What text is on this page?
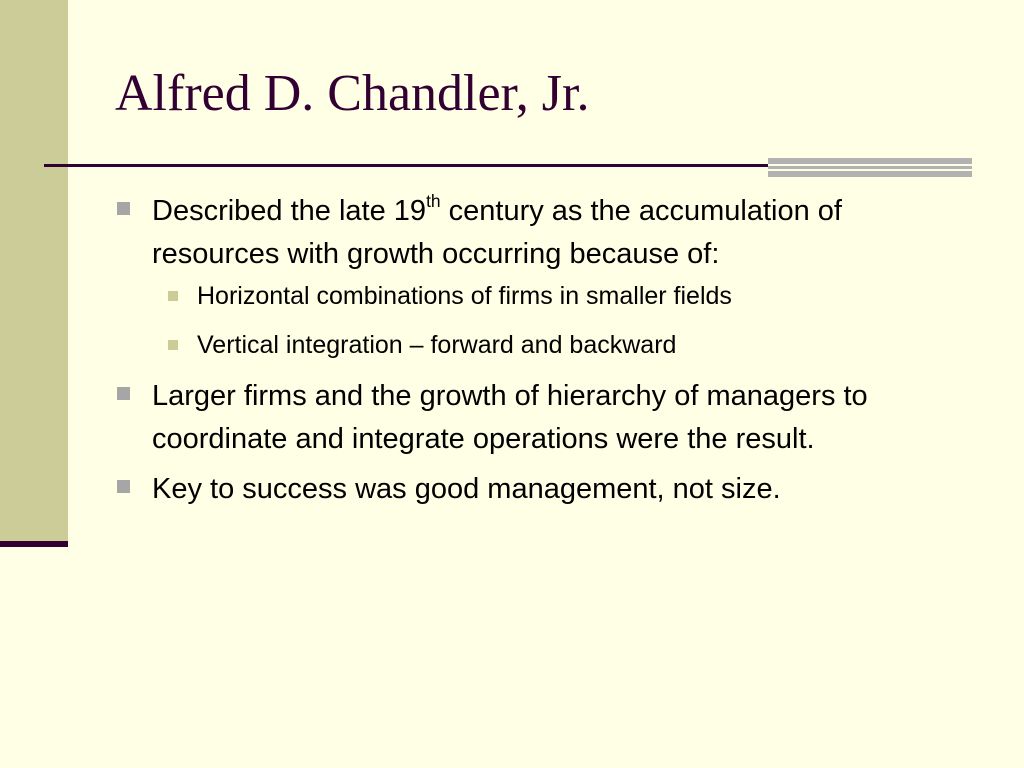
Alfred D. Chandler, Jr.
Described the late 19th century as the accumulation of resources with growth occurring because of:
Horizontal combinations of firms in smaller fields
Vertical integration – forward and backward
Larger firms and the growth of hierarchy of managers to coordinate and integrate operations were the result.
Key to success was good management, not size.
